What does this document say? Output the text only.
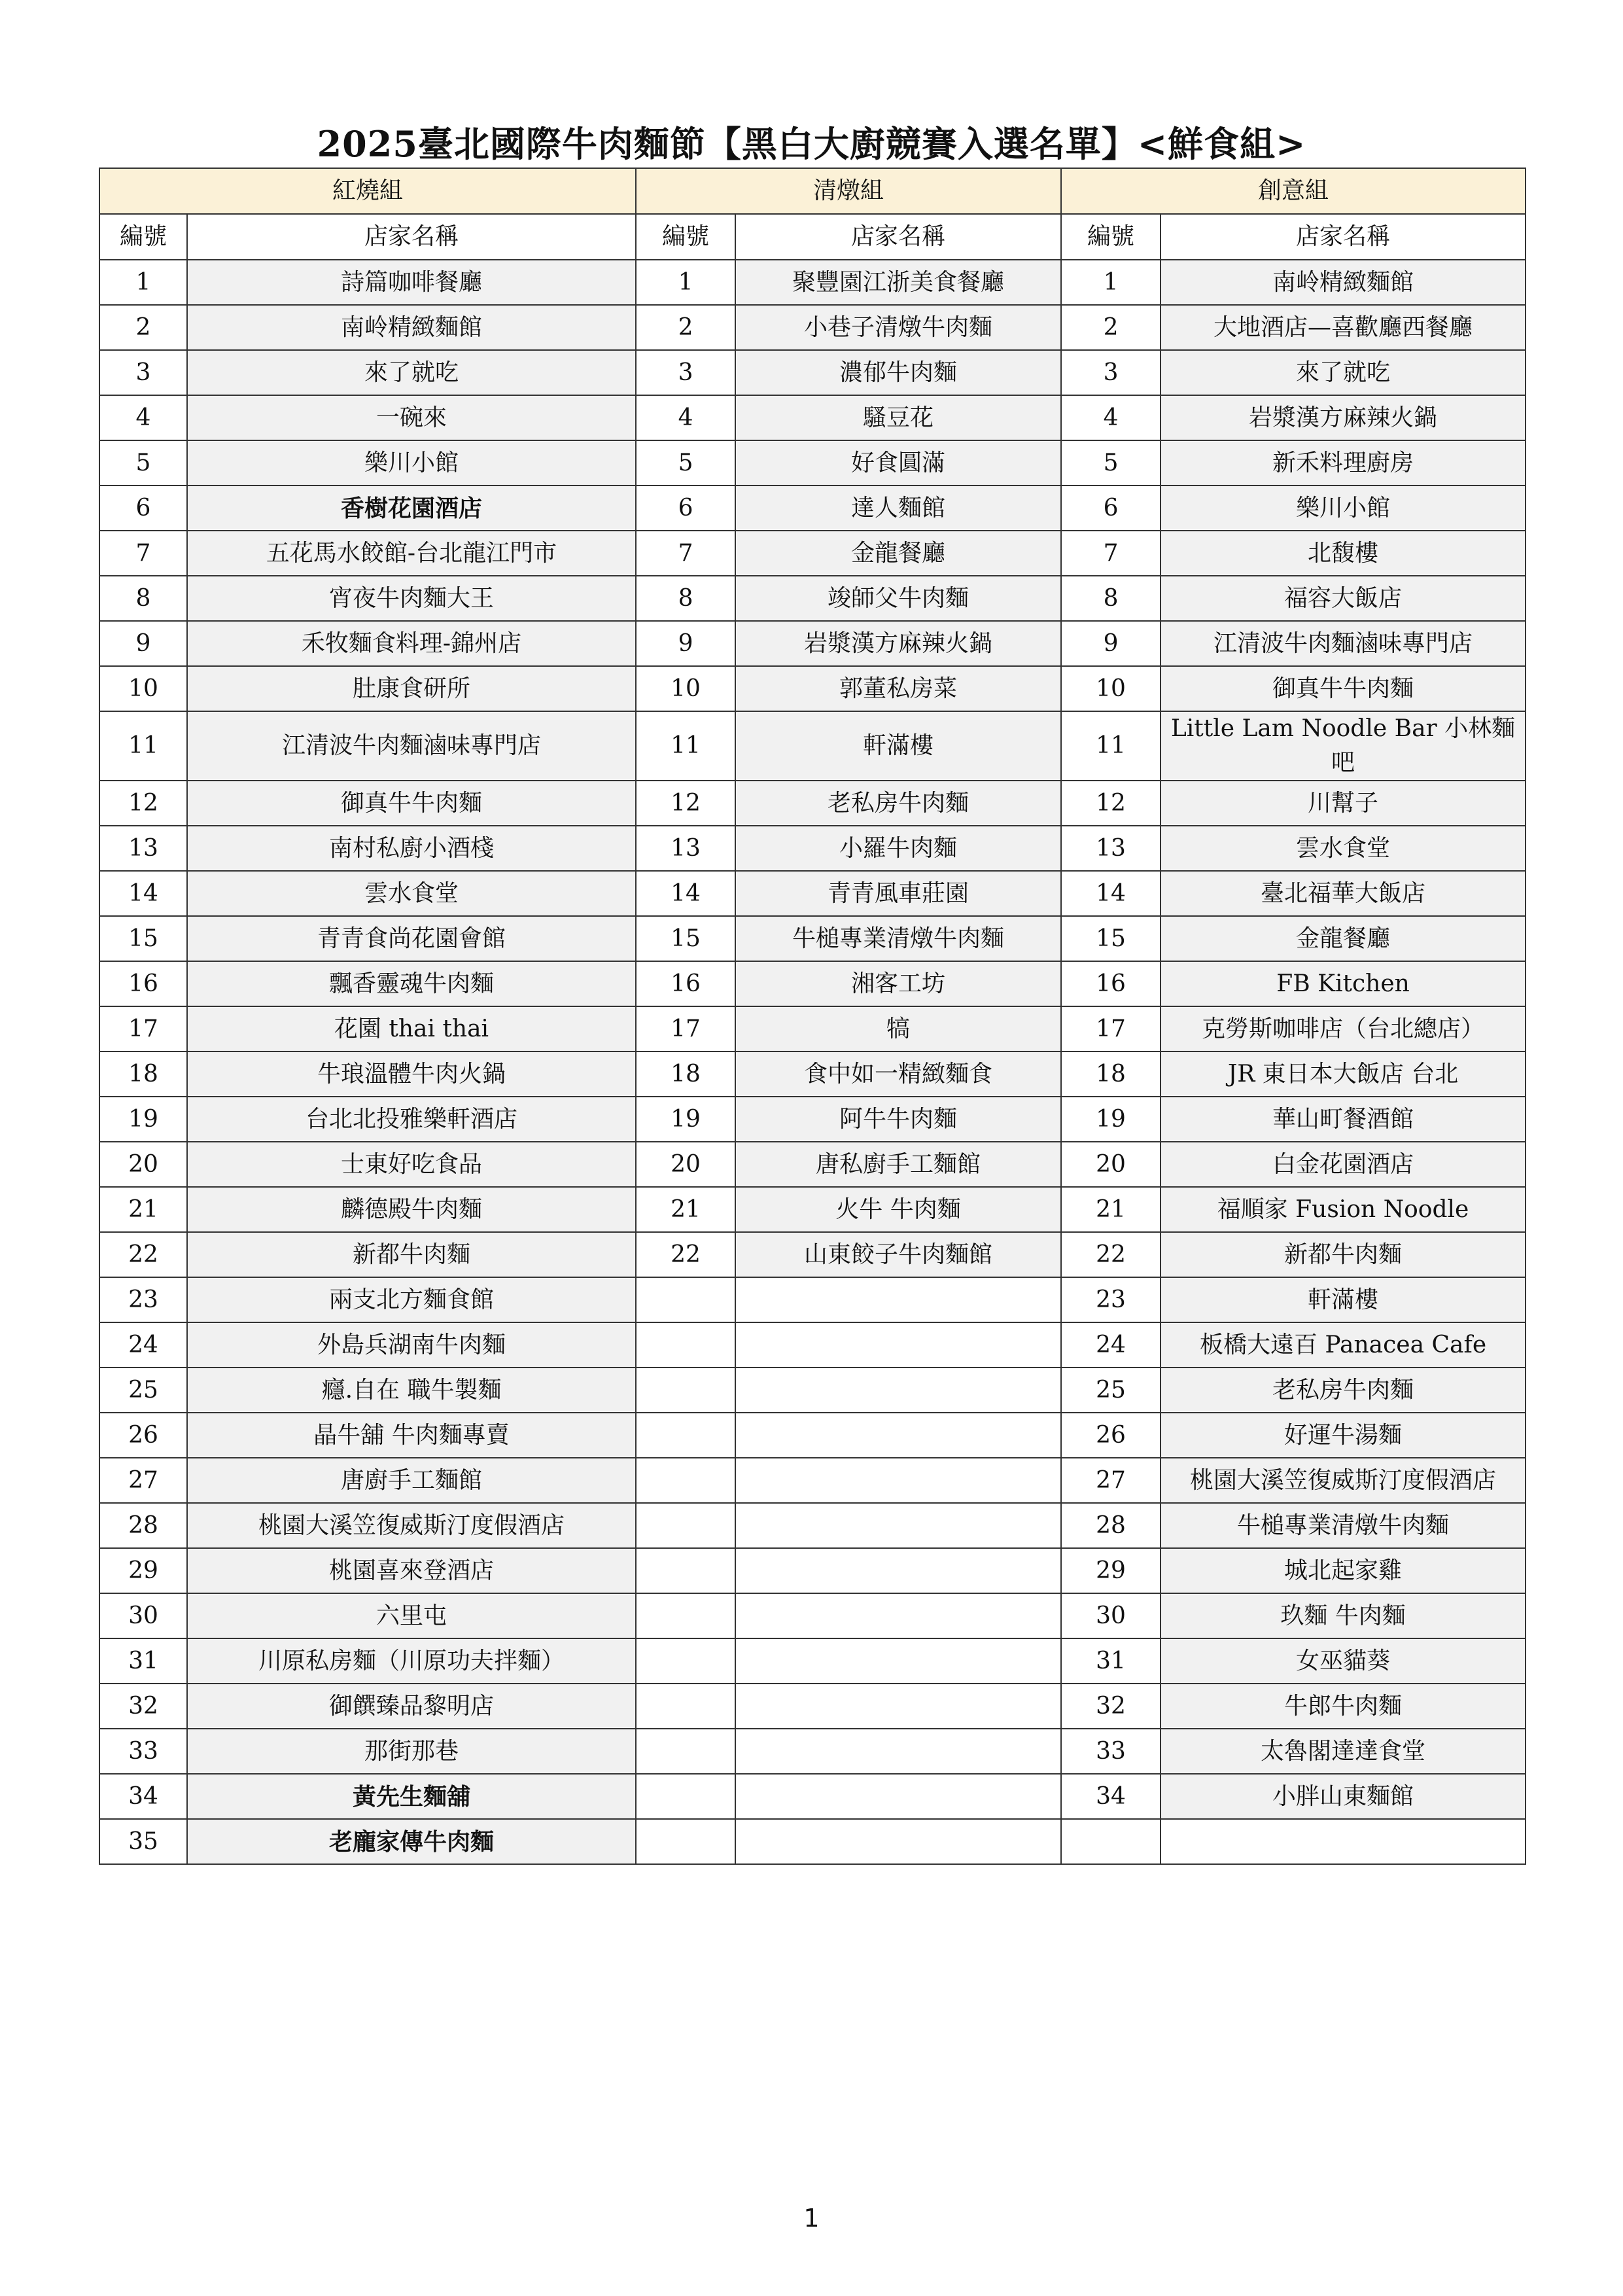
2025臺北國際牛肉麵節【黑白大廚競賽入選名單】<鮮食組>
紅燒組		清燉組		創意組	
編號	店家名稱	編號	店家名稱	編號	店家名稱
1	詩篇咖啡餐廳	1	聚豐園江浙美食餐廳	1	南岭精緻麵館
2	南岭精緻麵館	2	小巷子清燉牛肉麵	2	大地酒店—喜歡廳西餐廳
3	來了就吃	3	濃郁牛肉麵	3	來了就吃
4	一碗來	4	騷豆花	4	岩漿漢方麻辣火鍋
5	樂川小館	5	好食圓滿	5	新禾料理廚房
6	香樹花園酒店	6	達人麵館	6	樂川小館
7	五花馬水餃館-台北龍江門市	7	金龍餐廳	7	北馥樓
8	宵夜牛肉麵大王	8	竣師父牛肉麵	8	福容大飯店
9	禾牧麵食料理-錦州店	9	岩漿漢方麻辣火鍋	9	江清波牛肉麵滷味專門店
10	肚康食研所	10	郭董私房菜	10	御真牛牛肉麵
11	江清波牛肉麵滷味專門店	11	軒滿樓	11	Little Lam Noodle Bar 小林麵吧
12	御真牛牛肉麵	12	老私房牛肉麵	12	川幫子
13	南村私廚小酒棧	13	小羅牛肉麵	13	雲水食堂
14	雲水食堂	14	青青風車莊園	14	臺北福華大飯店
15	青青食尚花園會館	15	牛槌專業清燉牛肉麵	15	金龍餐廳
16	飄香靈魂牛肉麵	16	湘客工坊	16	FB Kitchen
17	花園 thai thai	17	犒	17	克勞斯咖啡店（台北總店）
18	牛琅溫體牛肉火鍋	18	食中如一精緻麵食	18	JR 東日本大飯店 台北
19	台北北投雅樂軒酒店	19	阿牛牛肉麵	19	華山町餐酒館
20	士東好吃食品	20	唐私廚手工麵館	20	白金花園酒店
21	麟德殿牛肉麵	21	火牛 牛肉麵	21	福順家 Fusion Noodle
22	新都牛肉麵	22	山東餃子牛肉麵館	22	新都牛肉麵
23	兩支北方麵食館			23	軒滿樓
24	外島兵湖南牛肉麵			24	板橋大遠百 Panacea Cafe
25	癮.自在 職牛製麵			25	老私房牛肉麵
26	晶牛舖 牛肉麵專賣			26	好運牛湯麵
27	唐廚手工麵館			27	桃園大溪笠復威斯汀度假酒店
28	桃園大溪笠復威斯汀度假酒店			28	牛槌專業清燉牛肉麵
29	桃園喜來登酒店			29	城北起家雞
30	六里屯			30	玖麵 牛肉麵
31	川原私房麵（川原功夫拌麵）			31	女巫貓葵
32	御饌臻品黎明店			32	牛郎牛肉麵
33	那街那巷			33	太魯閣達達食堂
34	黃先生麵舖			34	小胖山東麵館
35	老龐家傳牛肉麵				
1
